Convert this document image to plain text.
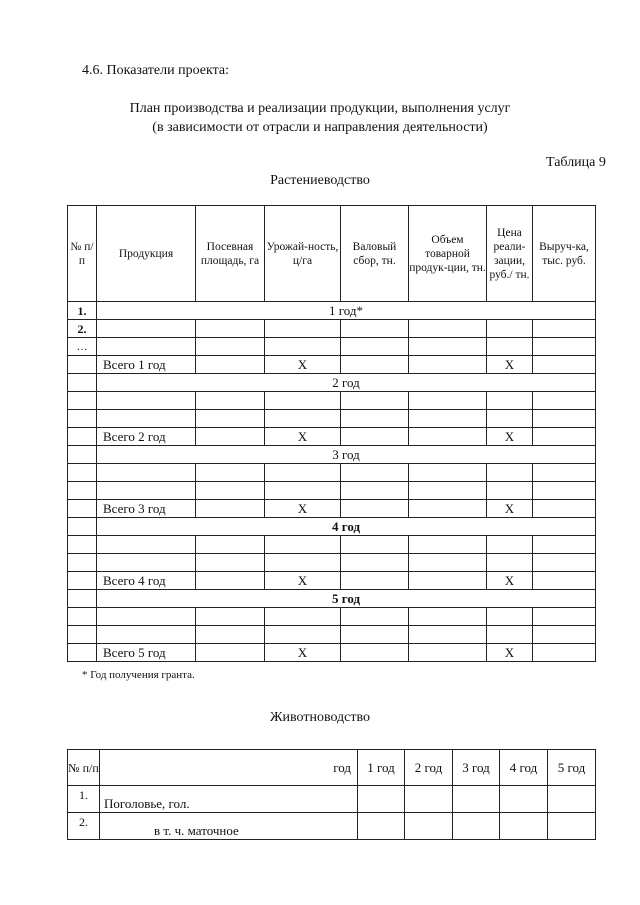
4.6. Показатели проекта:
План производства и реализации продукции, выполнения услуг
(в зависимости от отрасли и направления деятельности)
Таблица 9
Растениеводство
№ п/п	Продукция	Посевная площадь, га	Урожай-ность, ц/га	Валовый сбор, тн.	Объем товарной продук-ции, тн.	Цена реали-зации, руб./ тн.	Выруч-ка, тыс. руб.
1.	1 год*						
2.							
…							
	Всего 1 год		Х			Х	
	2 год						

	Всего 2 год		Х			Х	
	3 год						

	Всего 3 год		Х			Х	
	4 год						

	Всего 4 год		Х			Х	
	5 год						

	Всего 5 год		Х			Х	
* Год получения гранта.
Животноводство
№ п/п	год	1 год	2 год	3 год	4 год	5 год
1.	Поголовье, гол.					
2.	в т. ч. маточное					
